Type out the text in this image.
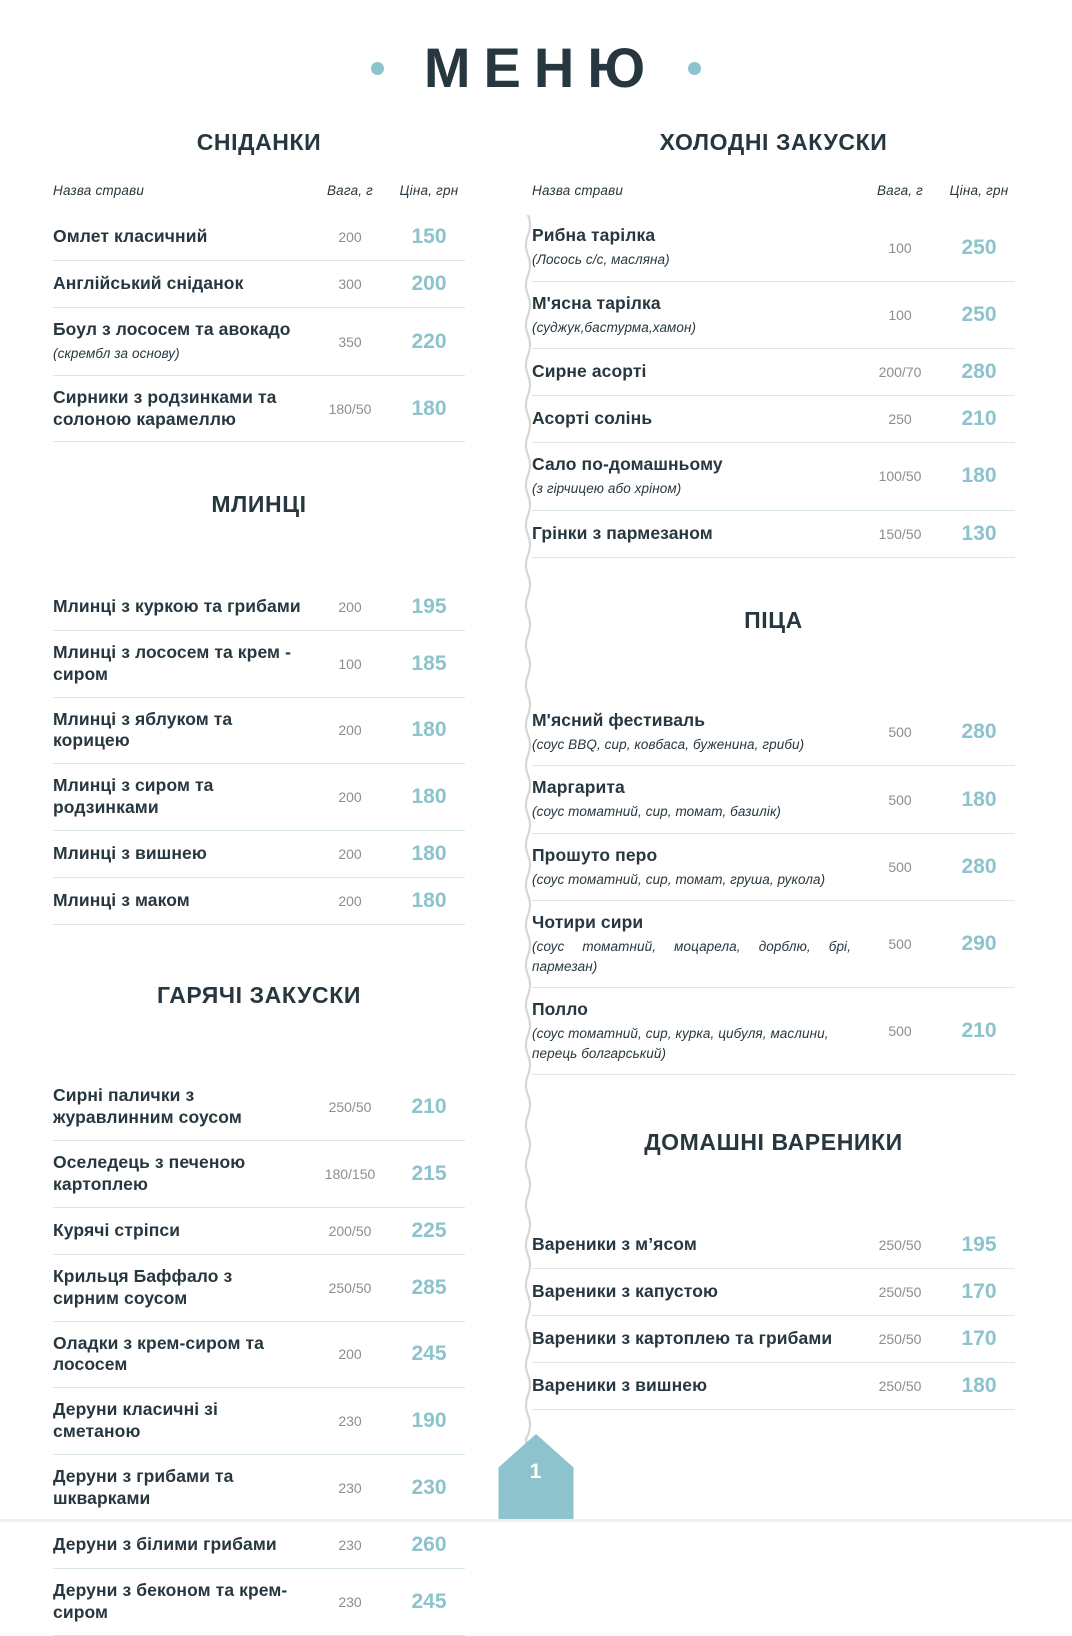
МЕНЮ
СНІДАНКИ
Назва страви	Вага, г	Ціна, грн

Омлет класичний	200	150

Англійський сніданок	300	200

Боул з лососем та авокадо
(скрембл за основу)	350	220

Сирники з родзинками та солоною карамеллю	180/50	180
МЛИНЦІ
Млинці з куркою та грибами	200	195

Млинці з лососем та крем - сиром	100	185

Млинці з яблуком та корицею	200	180

Млинці з сиром та родзинками	200	180

Млинці з вишнею	200	180

Млинці з маком	200	180
ГАРЯЧІ ЗАКУСКИ
Сирні палички з журавлинним соусом	250/50	210

Оселедець з печеною картоплею	180/150	215

Курячі стріпси	200/50	225

Крильця Баффало з сирним соусом	250/50	285

Оладки з крем-сиром та лососем	200	245

Деруни класичні зі сметаною	230	190

Деруни з грибами та шкварками	230	230

Деруни з білими грибами	230	260

Деруни з беконом та крем-сиром	230	245
ХОЛОДНІ ЗАКУСКИ
Назва страви	Вага, г	Ціна, грн

Рибна тарілка
(Лосось с/с, масляна)	100	250

М'ясна тарілка
(суджук,бастурма,хамон)	100	250

Сирне асорті	200/70	280

Асорті солінь	250	210

Сало по-домашньому
(з гірчицею або хріном)	100/50	180

Грінки з пармезаном	150/50	130
ПІЦА
М'ясний фестиваль
(соус BBQ, сир, ковбаса, буженина, гриби)	500	280

Маргарита
(соус томатний, сир, томат, базилік)	500	180

Прошуто перо
(соус томатний, сир, томат, груша, рукола)	500	280

Чотири сири
(соус томатний, моцарела, дорблю, брі, пармезан)	500	290

Полло
(соус томатний, сир, курка, цибуля, маслини, перець болгарський)	500	210
ДОМАШНІ ВАРЕНИКИ
Вареники з м’ясом	250/50	195

Вареники з капустою	250/50	170

Вареники з картоплею та грибами	250/50	170

Вареники з вишнею	250/50	180
1
